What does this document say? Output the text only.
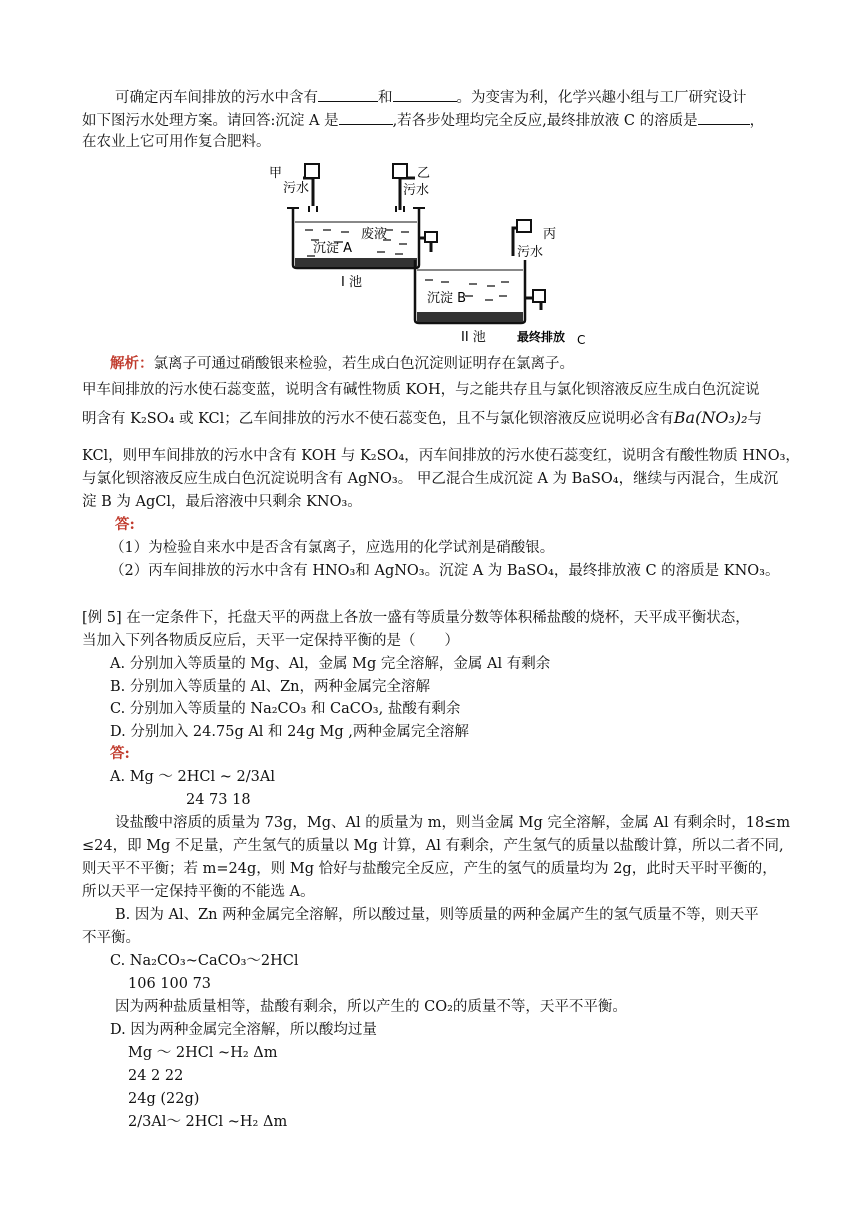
可确定丙车间排放的污水中含有	和	。为变害为利，化学兴趣小组与工厂研究设计
如下图污水处理方案。请回答:沉淀 A 是	,若各步处理均完全反应,最终排放液 C 的溶质是	，
在农业上它可用作复合肥料。
甲
污水
乙
污水
废液
沉淀 A
I 池
丙
污水
沉淀 B
II 池	最终排放 C
解析：氯离子可通过硝酸银来检验，若生成白色沉淀则证明存在氯离子。
甲车间排放的污水使石蕊变蓝，说明含有碱性物质 KOH，与之能共存且与氯化钡溶液反应生成白色沉淀说
明含有 K₂SO₄ 或 KCl；乙车间排放的污水不使石蕊变色，且不与氯化钡溶液反应说明必含有Ba(NO₃)₂与
KCl，则甲车间排放的污水中含有 KOH 与 K₂SO₄，丙车间排放的污水使石蕊变红，说明含有酸性物质 HNO₃，
与氯化钡溶液反应生成白色沉淀说明含有 AgNO₃。 甲乙混合生成沉淀 A 为 BaSO₄，继续与丙混合，生成沉
淀 B 为 AgCl，最后溶液中只剩余 KNO₃。
答:
（1）为检验自来水中是否含有氯离子，应选用的化学试剂是硝酸银。
（2）丙车间排放的污水中含有 HNO₃和 AgNO₃。沉淀 A 为 BaSO₄，最终排放液 C 的溶质是 KNO₃。
[例 5] 在一定条件下，托盘天平的两盘上各放一盛有等质量分数等体积稀盐酸的烧杯，天平成平衡状态，
当加入下列各物质反应后，天平一定保持平衡的是（　　）
A. 分别加入等质量的 Mg、Al，金属 Mg 完全溶解，金属 Al 有剩余
B. 分别加入等质量的 Al、Zn，两种金属完全溶解
C. 分别加入等质量的 Na₂CO₃ 和 CaCO₃, 盐酸有剩余
D. 分别加入 24.75g Al 和 24g Mg ,两种金属完全溶解
答:
A. Mg ～ 2HCl ~ 2/3Al
24 73 18
设盐酸中溶质的质量为 73g，Mg、Al 的质量为 m，则当金属 Mg 完全溶解，金属 Al 有剩余时，18≤m
≤24，即 Mg 不足量，产生氢气的质量以 Mg 计算，Al 有剩余，产生氢气的质量以盐酸计算，所以二者不同,
则天平不平衡；若 m=24g，则 Mg 恰好与盐酸完全反应，产生的氢气的质量均为 2g，此时天平时平衡的，
所以天平一定保持平衡的不能选 A。
B. 因为 Al、Zn 两种金属完全溶解，所以酸过量，则等质量的两种金属产生的氢气质量不等，则天平
不平衡。
C. Na₂CO₃~CaCO₃～2HCl
106 100 73
因为两种盐质量相等，盐酸有剩余，所以产生的 CO₂的质量不等，天平不平衡。
D. 因为两种金属完全溶解，所以酸均过量
Mg ～ 2HCl ~H₂ Δm
24 2 22
24g (22g)
2/3Al～ 2HCl ~H₂ Δm
